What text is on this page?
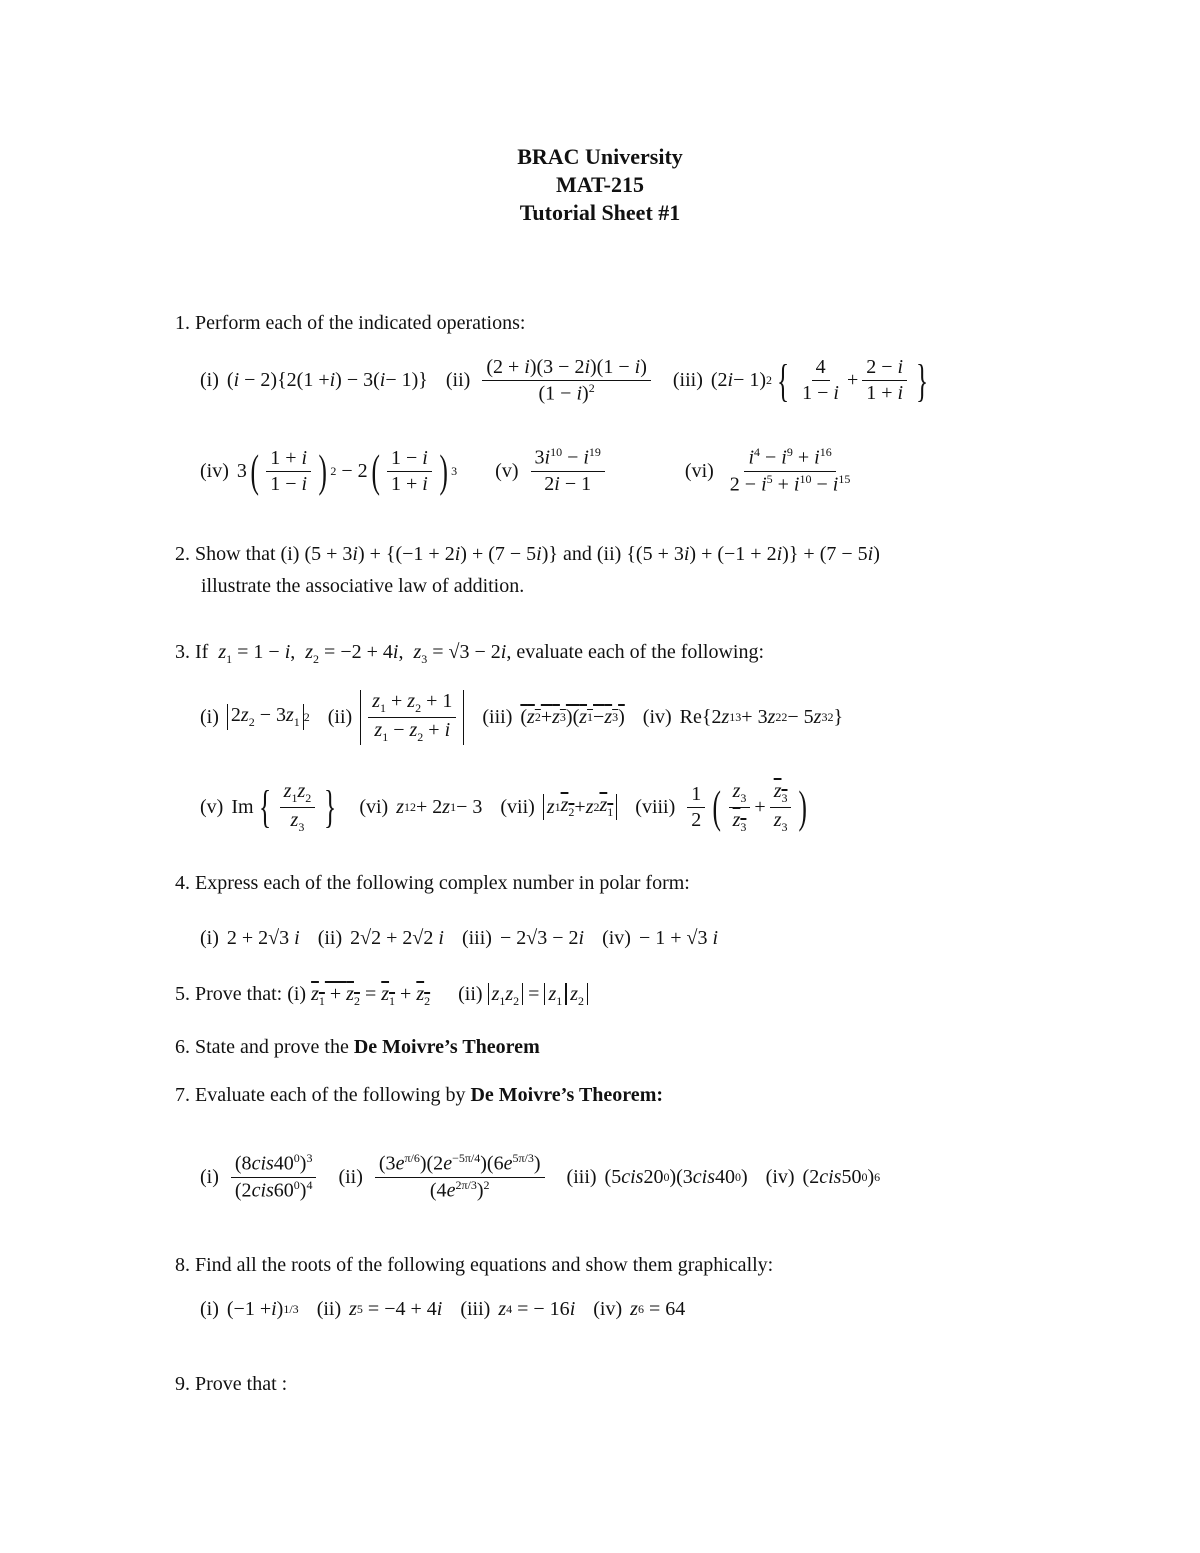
BRAC University
MAT-215
Tutorial Sheet #1
1. Perform each of the indicated operations:
(i) ( i − 2){2(1 + i ) − 3( i − 1)} $(ii) \frac{(2 + i)(3 - 2i)(1 - i)}{(1 - i)^2} (iii)$ (2 i − 1) 2 { $\frac{4}{1 - i} + \frac{2 - i}{1 + i}$ }
(iv) 3 ( $\frac{1 + i}{1 - i}$ ) 2 − 2 ( $\frac{1 - i}{1 + i}$ ) 3 $(v) \frac{3i^{10} - i^{19}}{2i - 1}$	$(vi) \frac{i^4 - i^9 + i^{16}}{2 - i^5 + i^{10} - i^{15}}$
2. Show that (i) (5 + 3i) + {(−1 + 2i) + (7 − 5i)} and (ii) {(5 + 3i) + (−1 + 2i)} + (7 − 5i)
illustrate the associative law of addition.
3. If $z_1 = 1 - i$,  $z_2 = -2 + 4i$,  $z_3 = √3 - 2i$, evaluate each of the following:
(i) $2z_2 - 3z_1$ 2 $(ii) \frac{z_1 + z_2 + 1}{z_1 - z_2 + i} (iii)$ ( z 2 + z 3 )( z 1 − z 3 ) (iv) Re{2 z 1 3 + 3 z 2 2 − 5 z 3 2 }
(v) Im { $\frac{z_1z_2}{z_3}$ } (vi) z 1 2 + 2 z 1 − 3 (vii) z 1 $z_2 + z$ 2 $z_1$ (viii) $\frac{1}{2}$ ( $\frac{z_3}{z_3} + \frac{z_3}{z_3}$ )
4. Express each of the following complex number in polar form:
(i) 2 + 2√3 i (ii) 2√2 + 2√2 i (iii) − 2√3 − 2 i (iv) − 1 + √3 i
5. Prove that: (i) $z_1 + z_2 = z_1 + z_2$ (ii) $z_1z_2 = z_1$ $z_2$
6. State and prove the De Moivre’s Theorem
7. Evaluate each of the following by De Moivre’s Theorem:
$(i) \frac{(8cis40^0)^3}{(2cis60^0)^4} (ii) \frac{(3e^{\pi/6})(2e^{-5\pi/4})(6e^{5\pi/3})}{(4e^{2\pi/3})^2} (iii)$ (5 cis 20 0 )(3 cis 40 0 ) (iv) (2 cis 50 0 ) 6
8. Find all the roots of the following equations and show them graphically:
(i) (−1 + i ) 1/3 (ii) z 5 = −4 + 4 i (iii) z 4 = − 16 i (iv) z 6 = 64
9. Prove that :
